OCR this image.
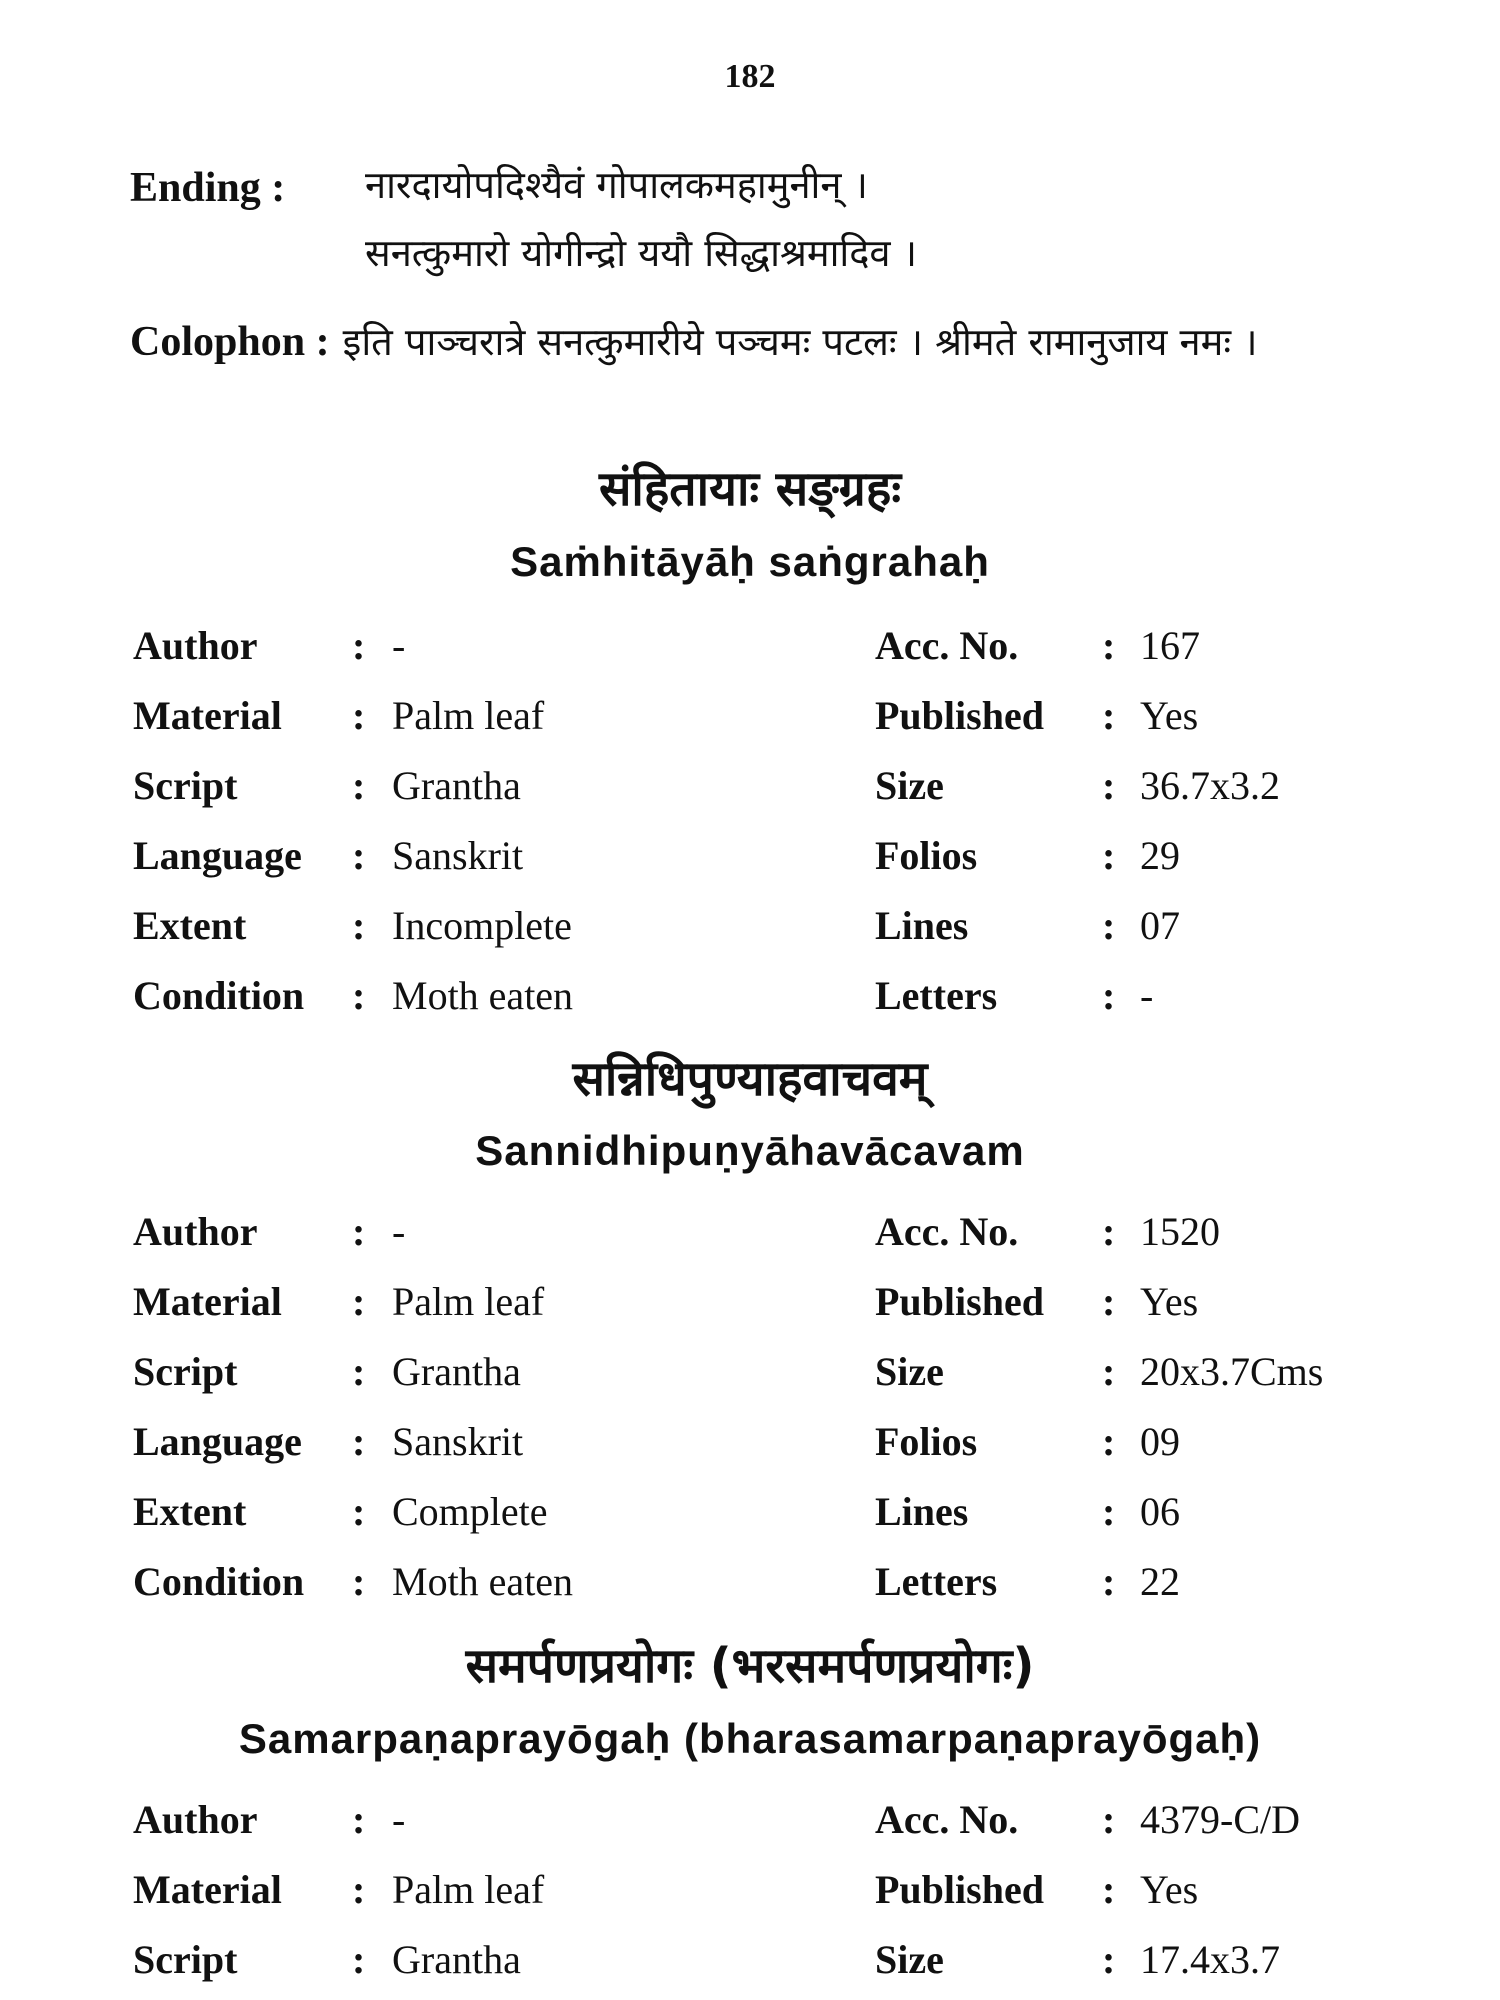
182
Ending : नारदायोपदिश्यैवं गोपालकमहामुनीन् ।
सनत्कुमारो योगीन्द्रो ययौ सिद्धाश्रमादिव ।
Colophon : इति पाञ्चरात्रे सनत्कुमारीये पञ्चमः पटलः । श्रीमते रामानुजाय नमः ।
संहितायाः सङ्ग्रहः
Saṁhitāyāḥ saṅgrahaḥ
Author : -	Acc. No. : 167
Material : Palm leaf	Published : Yes
Script	: Grantha	Size	: 36.7x3.2
Language : Sanskrit	Folios	: 29
Extent	: Incomplete	Lines	: 07
Condition : Moth eaten	Letters	: -
सन्निधिपुण्याहवाचवम्
Sannidhipuṇyāhavācavam
Author : -	Acc. No. : 1520
Material : Palm leaf	Published : Yes
Script	: Grantha	Size	: 20x3.7Cms
Language : Sanskrit	Folios	: 09
Extent	: Complete	Lines	: 06
Condition : Moth eaten	Letters	: 22
समर्पणप्रयोगः (भरसमर्पणप्रयोगः)
Samarpaṇaprayōgaḥ (bharasamarpaṇaprayōgaḥ)
Author : -	Acc. No. : 4379-C/D
Material : Palm leaf	Published : Yes
Script	: Grantha	Size	: 17.4x3.7
